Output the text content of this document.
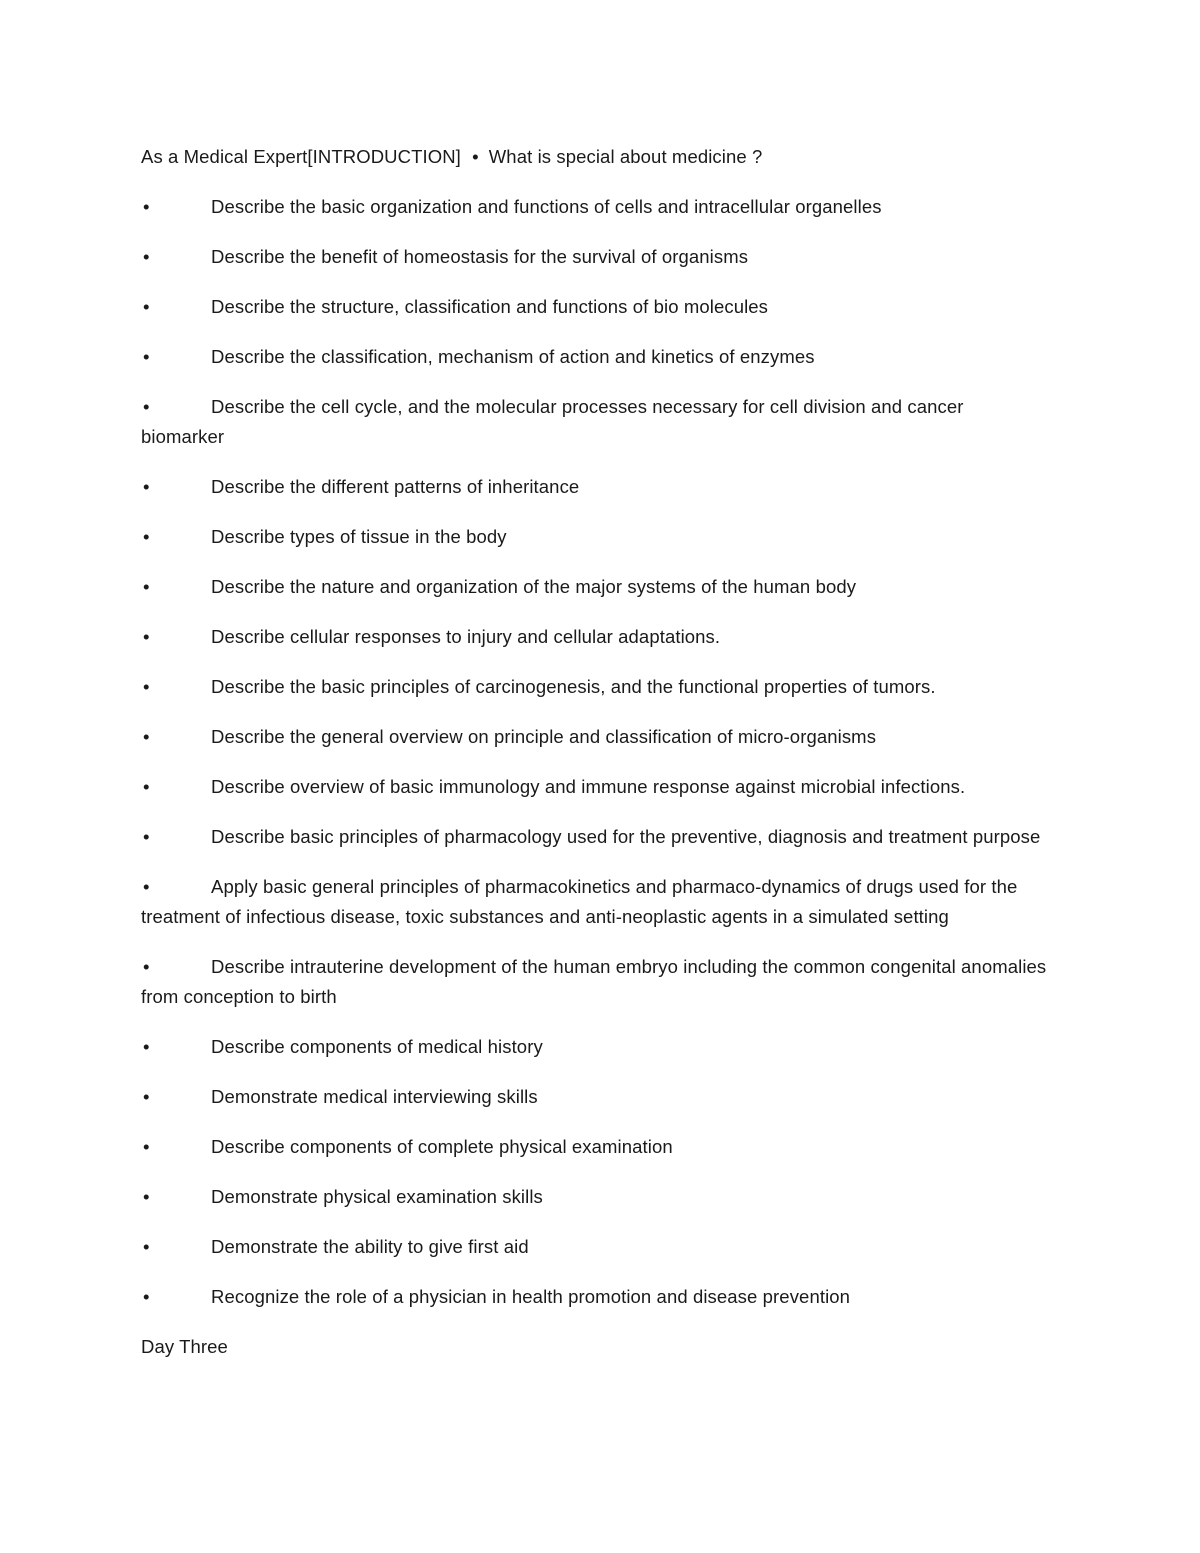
As a Medical Expert[INTRODUCTION] • What is special about medicine ?

•	Describe the basic organization and functions of cells and intracellular organelles

•	Describe the benefit of homeostasis for the survival of organisms

•	Describe the structure, classification and functions of bio molecules

•	Describe the classification, mechanism of action and kinetics of enzymes

•	Describe the cell cycle, and the molecular processes necessary for cell division and cancer biomarker

•	Describe the different patterns of inheritance

•	Describe types of tissue in the body

•	Describe the nature and organization of the major systems of the human body

•	Describe cellular responses to injury and cellular adaptations.

•	Describe the basic principles of carcinogenesis, and the functional properties of tumors.

•	Describe the general overview on principle and classification of micro-organisms

•	Describe overview of basic immunology and immune response against microbial infections.

•	Describe basic principles of pharmacology used for the preventive, diagnosis and treatment purpose

•	Apply basic general principles of pharmacokinetics and pharmaco-dynamics of drugs used for the treatment of infectious disease, toxic substances and anti-neoplastic agents in a simulated setting

•	Describe intrauterine development of the human embryo including the common congenital anomalies from conception to birth

•	Describe components of medical history

•	Demonstrate medical interviewing skills

•	Describe components of complete physical examination

•	Demonstrate physical examination skills

•	Demonstrate the ability to give first aid

•	Recognize the role of a physician in health promotion and disease prevention

Day Three
